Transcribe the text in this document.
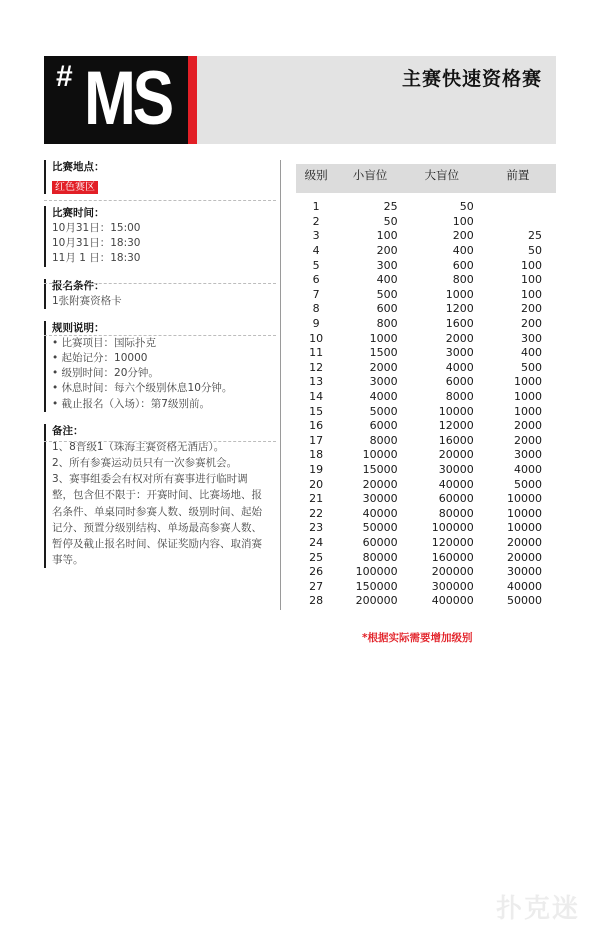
# MS	主赛快速资格赛
比赛地点：
红色赛区
比赛时间：
10月31日：15:00
10月31日：18:30
11月 1 日：18:30
报名条件：
1张附赛资格卡
规则说明：
• 比赛项目：国际扑克
• 起始记分：10000
• 级别时间：20分钟。
• 休息时间：每六个级别休息10分钟。
• 截止报名（入场）：第7级别前。
备注：
1、8晋级1（珠海主赛资格无酒店）。
2、所有参赛运动员只有一次参赛机会。
3、赛事组委会有权对所有赛事进行临时调
整，包含但不限于：开赛时间、比赛场地、报
名条件、单桌同时参赛人数、级别时间、起始
记分、预置分级别结构、单场最高参赛人数、
暂停及截止报名时间、保证奖励内容、取消赛
事等。
级别	小盲位	大盲位	前置
1	25	50	
2	50	100	
3	100	200	25
4	200	400	50
5	300	600	100
6	400	800	100
7	500	1000	100
8	600	1200	200
9	800	1600	200
10	1000	2000	300
11	1500	3000	400
12	2000	4000	500
13	3000	6000	1000
14	4000	8000	1000
15	5000	10000	1000
16	6000	12000	2000
17	8000	16000	2000
18	10000	20000	3000
19	15000	30000	4000
20	20000	40000	5000
21	30000	60000	10000
22	40000	80000	10000
23	50000	100000	10000
24	60000	120000	20000
25	80000	160000	20000
26	100000	200000	30000
27	150000	300000	40000
28	200000	400000	50000
*根据实际需要增加级别
扑克迷
